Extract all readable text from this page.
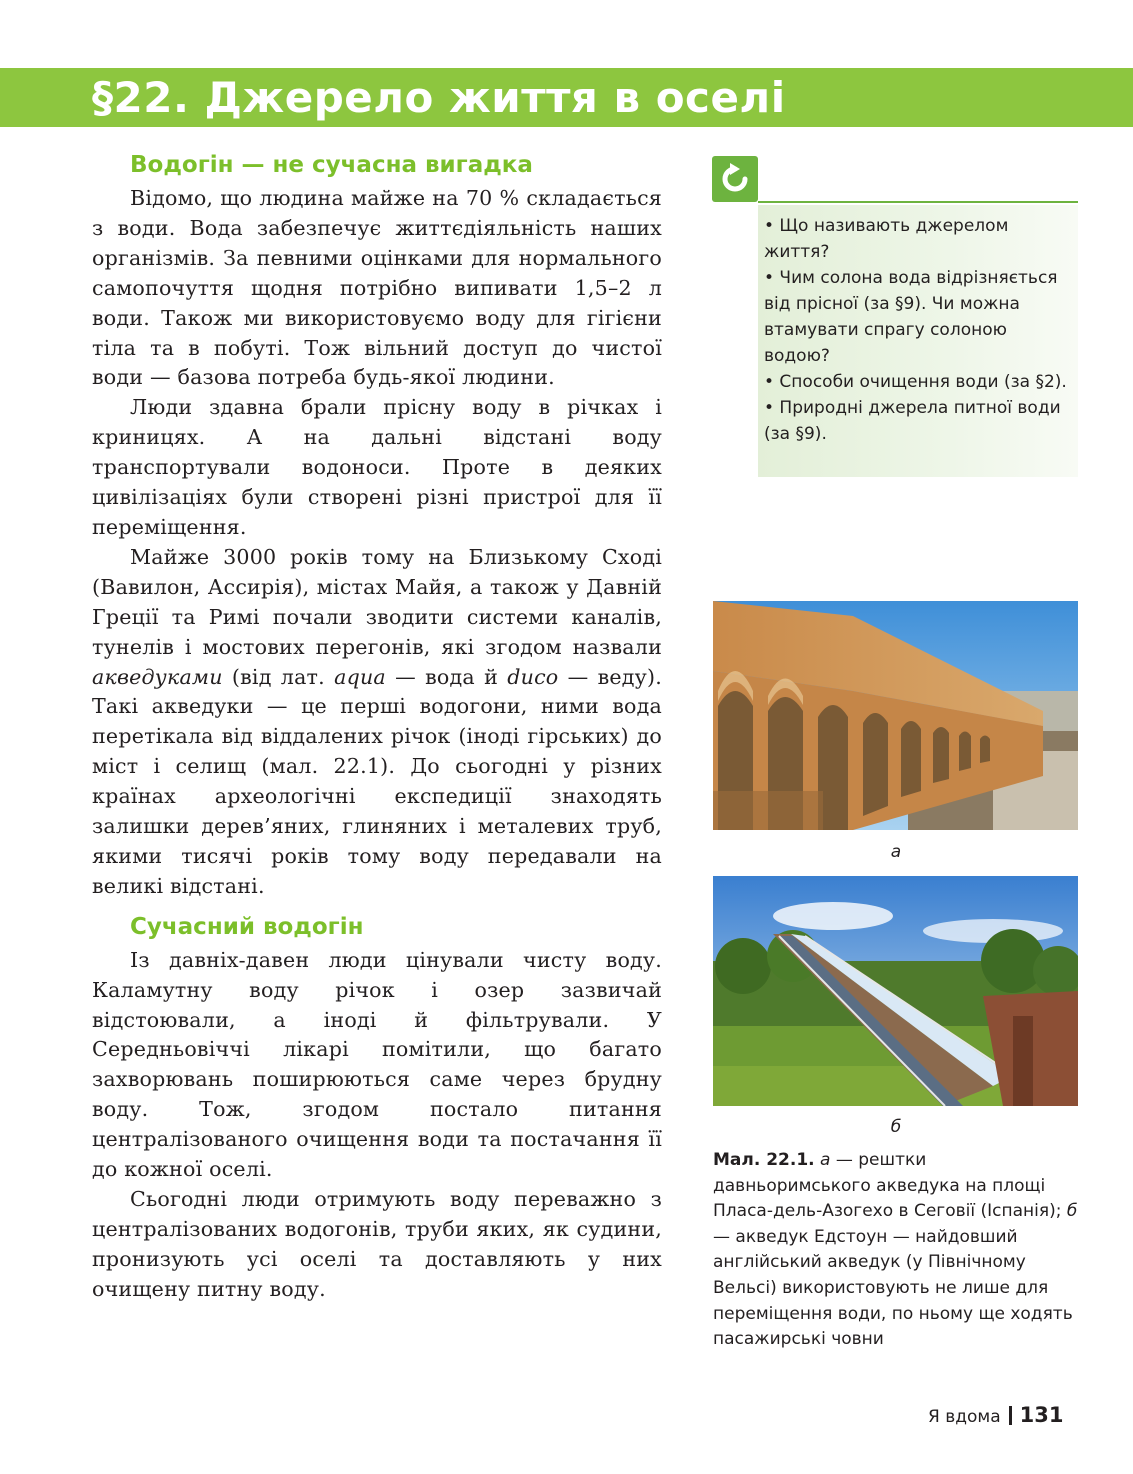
§22. Джерело життя в оселі
Водогін — не сучасна вигадка

Відомо, що людина майже на 70 % складається з води. Вода забезпечує життєдіяльність наших організмів. За певними оцінками для нормального самопочуття щодня потрібно випивати 1,5–2 л води. Також ми використовуємо воду для гігієни тіла та в побуті. Тож вільний доступ до чистої води — базова потреба будь-якої людини.

Люди здавна брали прісну воду в річках і криницях. А на дальні відстані воду транспортували водоноси. Проте в деяких цивілізаціях були створені різні пристрої для її переміщення.

Майже 3000 років тому на Близькому Сході (Вавилон, Ассирія), містах Майя, а також у Давній Греції та Римі почали зводити системи каналів, тунелів і мостових перегонів, які згодом назвали акведуками (від лат. aqua — вода й duco — веду). Такі акведуки — це перші водогони, ними вода перетікала від віддалених річок (іноді гірських) до міст і селищ (мал. 22.1). До сьогодні у різних країнах археологічні експедиції знаходять залишки дерев’яних, глиняних і металевих труб, якими тисячі років тому воду передавали на великі відстані.

Сучасний водогін

Із давніх-давен люди цінували чисту воду. Каламутну воду річок і озер зазвичай відстоювали, а іноді й фільтрували. У Середньовіччі лікарі помітили, що багато захворювань поширюються саме через брудну воду. Тож, згодом постало питання централізованого очищення води та постачання її до кожної оселі.

Сьогодні люди отримують воду переважно з централізованих водогонів, труби яких, як судини, пронизують усі оселі та доставляють у них очищену питну воду.

• Що називають джерелом життя?
• Чим солона вода відрізняється від прісної (за §9). Чи можна втамувати спрагу солоною водою?
• Способи очищення води (за §2).
• Природні джерела питної води (за §9).
а
б

Мал. 22.1. а — рештки давньоримського акведука на площі Пласа-дель-Азогехо в Сеговії (Іспанія); б — акведук Едстоун — найдовший англійський акведук (у Північному Вельсі) використовують не лише для переміщення води, по ньому ще ходять пасажирські човни

Я вдома 131
